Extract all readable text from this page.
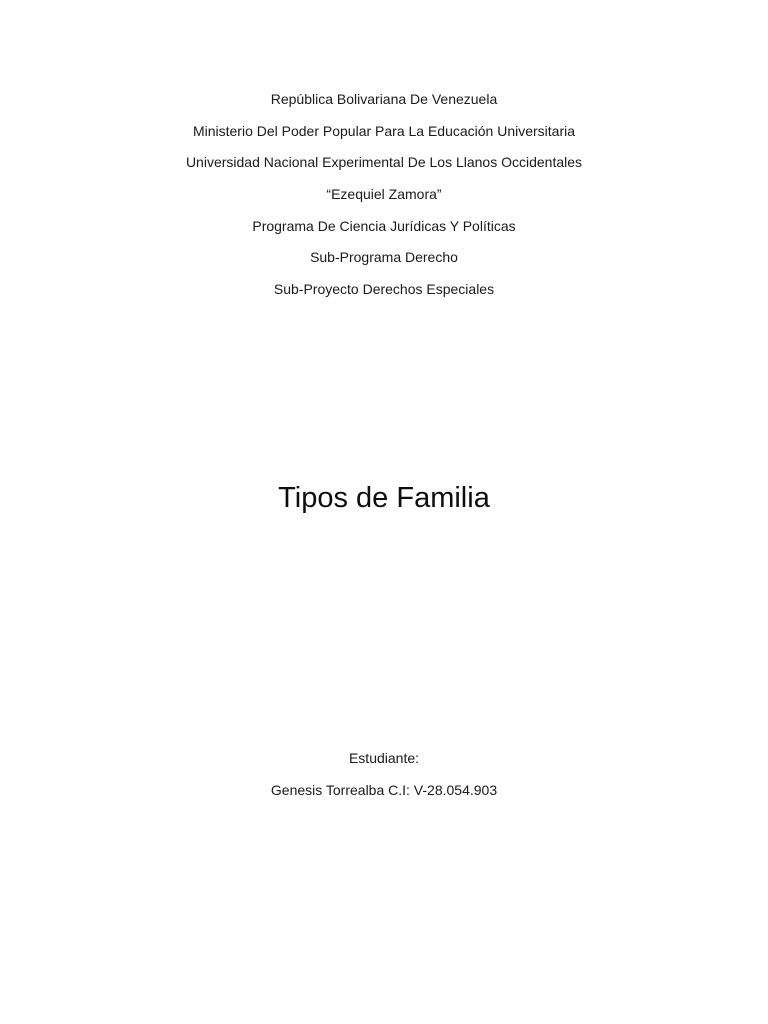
República Bolivariana De Venezuela
Ministerio Del Poder Popular Para La Educación Universitaria
Universidad Nacional Experimental De Los Llanos Occidentales
“Ezequiel Zamora”
Programa De Ciencia Jurídicas Y Políticas
Sub-Programa Derecho
Sub-Proyecto Derechos Especiales
Tipos de Familia
Estudiante:
Genesis Torrealba C.I: V-28.054.903
